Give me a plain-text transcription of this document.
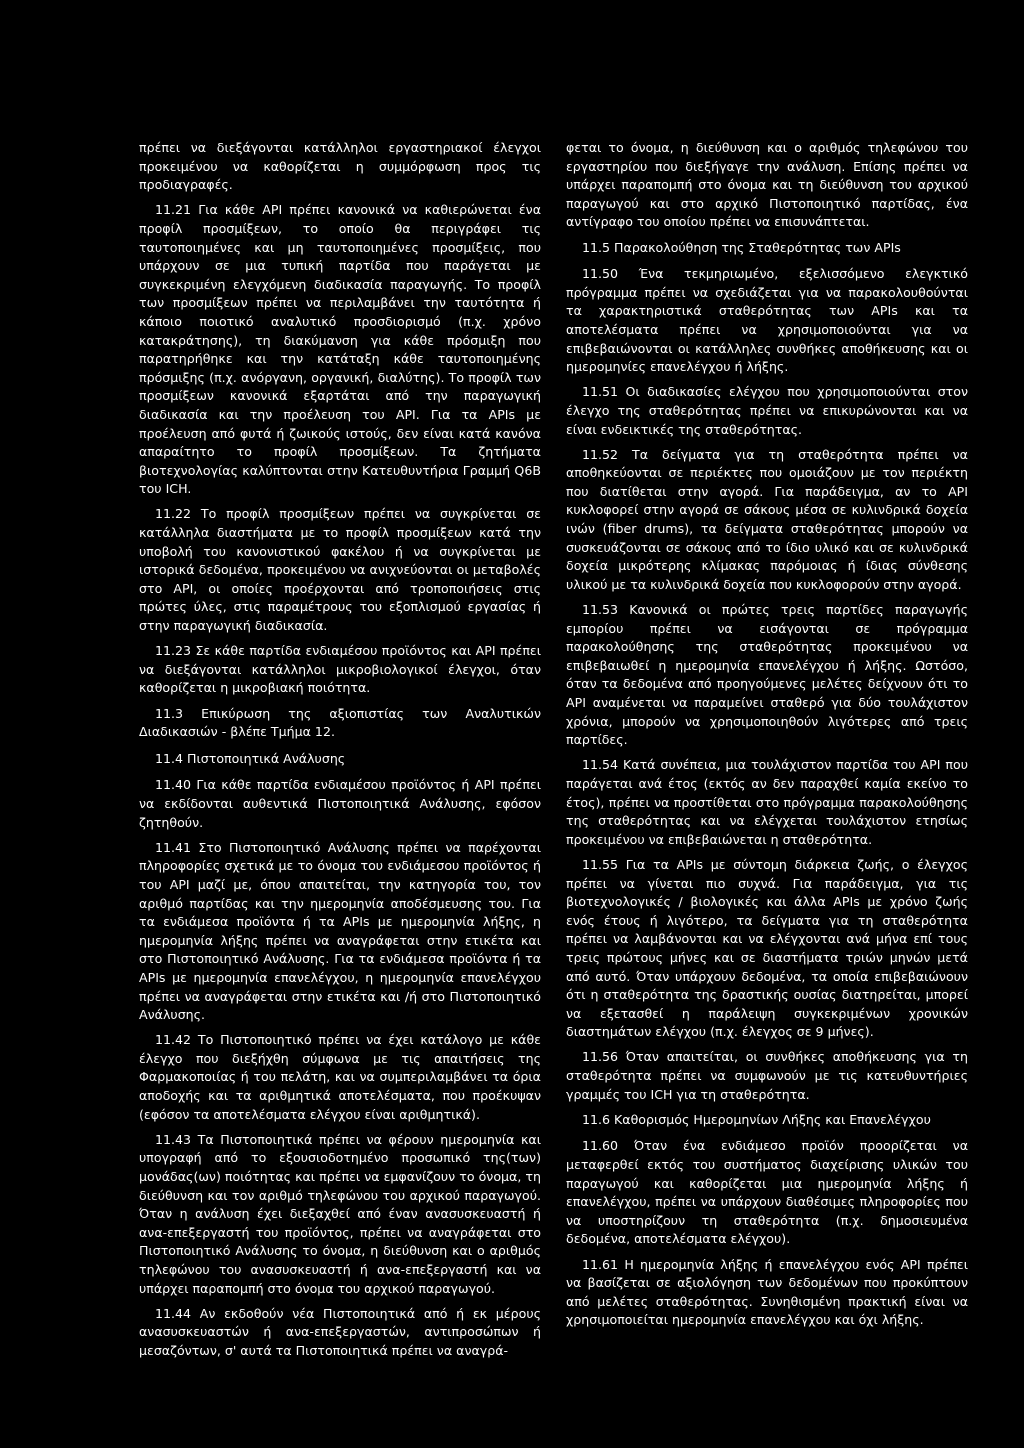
πρέπει να διεξάγονται κατάλληλοι εργαστηριακοί έλεγχοι προκειμένου να καθορίζεται η συμμόρφωση προς τις προδιαγραφές.

11.21 Για κάθε API πρέπει κανονικά να καθιερώνεται ένα προφίλ προσμίξεων, το οποίο θα περιγράφει τις ταυτοποιημένες και μη ταυτοποιημένες προσμίξεις, που υπάρχουν σε μια τυπική παρτίδα που παράγεται με συγκεκριμένη ελεγχόμενη διαδικασία παραγωγής. Το προφίλ των προσμίξεων πρέπει να περιλαμβάνει την ταυτότητα ή κάποιο ποιοτικό αναλυτικό προσδιορισμό (π.χ. χρόνο κατακράτησης), τη διακύμανση για κάθε πρόσμιξη που παρατηρήθηκε και την κατάταξη κάθε ταυτοποιημένης πρόσμιξης (π.χ. ανόργανη, οργανική, διαλύτης). Το προφίλ των προσμίξεων κανονικά εξαρτάται από την παραγωγική διαδικασία και την προέλευση του API. Για τα APIs με προέλευση από φυτά ή ζωικούς ιστούς, δεν είναι κατά κανόνα απαραίτητο το προφίλ προσμίξεων. Τα ζητήματα βιοτεχνολογίας καλύπτονται στην Κατευθυντήρια Γραμμή Q6B του ICH.

11.22 Το προφίλ προσμίξεων πρέπει να συγκρίνεται σε κατάλληλα διαστήματα με το προφίλ προσμίξεων κατά την υποβολή του κανονιστικού φακέλου ή να συγκρίνεται με ιστορικά δεδομένα, προκειμένου να ανιχνεύονται οι μεταβολές στο API, οι οποίες προέρχονται από τροποποιήσεις στις πρώτες ύλες, στις παραμέτρους του εξοπλισμού εργασίας ή στην παραγωγική διαδικασία.

11.23 Σε κάθε παρτίδα ενδιαμέσου προϊόντος και API πρέπει να διεξάγονται κατάλληλοι μικροβιολογικοί έλεγχοι, όταν καθορίζεται η μικροβιακή ποιότητα.

11.3 Επικύρωση της αξιοπιστίας των Αναλυτικών Διαδικασιών - βλέπε Τμήμα 12.

11.4 Πιστοποιητικά Ανάλυσης

11.40 Για κάθε παρτίδα ενδιαμέσου προϊόντος ή API πρέπει να εκδίδονται αυθεντικά Πιστοποιητικά Ανάλυσης, εφόσον ζητηθούν.

11.41 Στο Πιστοποιητικό Ανάλυσης πρέπει να παρέχονται πληροφορίες σχετικά με το όνομα του ενδιάμεσου προϊόντος ή του API μαζί με, όπου απαιτείται, την κατηγορία του, τον αριθμό παρτίδας και την ημερομηνία αποδέσμευσης του. Για τα ενδιάμεσα προϊόντα ή τα APIs με ημερομηνία λήξης, η ημερομηνία λήξης πρέπει να αναγράφεται στην ετικέτα και στο Πιστοποιητικό Ανάλυσης. Για τα ενδιάμεσα προϊόντα ή τα APIs με ημερομηνία επανελέγχου, η ημερομηνία επανελέγχου πρέπει να αναγράφεται στην ετικέτα και /ή στο Πιστοποιητικό Ανάλυσης.

11.42 Το Πιστοποιητικό πρέπει να έχει κατάλογο με κάθε έλεγχο που διεξήχθη σύμφωνα με τις απαιτήσεις της Φαρμακοποιίας ή του πελάτη, και να συμπεριλαμβάνει τα όρια αποδοχής και τα αριθμητικά αποτελέσματα, που προέκυψαν (εφόσον τα αποτελέσματα ελέγχου είναι αριθμητικά).

11.43 Τα Πιστοποιητικά πρέπει να φέρουν ημερομηνία και υπογραφή από το εξουσιοδοτημένο προσωπικό της(των) μονάδας(ων) ποιότητας και πρέπει να εμφανίζουν το όνομα, τη διεύθυνση και τον αριθμό τηλεφώνου του αρχικού παραγωγού. Όταν η ανάλυση έχει διεξαχθεί από έναν ανασυσκευαστή ή ανα-επεξεργαστή του προϊόντος, πρέπει να αναγράφεται στο Πιστοποιητικό Ανάλυσης το όνομα, η διεύθυνση και ο αριθμός τηλεφώνου του ανασυσκευαστή ή ανα-επεξεργαστή και να υπάρχει παραπομπή στο όνομα του αρχικού παραγωγού.

11.44 Αν εκδοθούν νέα Πιστοποιητικά από ή εκ μέρους ανασυσκευαστών ή ανα-επεξεργαστών, αντιπροσώπων ή μεσαζόντων, σ' αυτά τα Πιστοποιητικά πρέπει να αναγρά-

φεται το όνομα, η διεύθυνση και ο αριθμός τηλεφώνου του εργαστηρίου που διεξήγαγε την ανάλυση. Επίσης πρέπει να υπάρχει παραπομπή στο όνομα και τη διεύθυνση του αρχικού παραγωγού και στο αρχικό Πιστοποιητικό παρτίδας, ένα αντίγραφο του οποίου πρέπει να επισυνάπτεται.

11.5 Παρακολούθηση της Σταθερότητας των APIs

11.50 Ένα τεκμηριωμένο, εξελισσόμενο ελεγκτικό πρόγραμμα πρέπει να σχεδιάζεται για να παρακολουθούνται τα χαρακτηριστικά σταθερότητας των APIs και τα αποτελέσματα πρέπει να χρησιμοποιούνται για να επιβεβαιώνονται οι κατάλληλες συνθήκες αποθήκευσης και οι ημερομηνίες επανελέγχου ή λήξης.

11.51 Οι διαδικασίες ελέγχου που χρησιμοποιούνται στον έλεγχο της σταθερότητας πρέπει να επικυρώνονται και να είναι ενδεικτικές της σταθερότητας.

11.52 Τα δείγματα για τη σταθερότητα πρέπει να αποθηκεύονται σε περιέκτες που ομοιάζουν με τον περιέκτη που διατίθεται στην αγορά. Για παράδειγμα, αν το API κυκλοφορεί στην αγορά σε σάκους μέσα σε κυλινδρικά δοχεία ινών (fiber drums), τα δείγματα σταθερότητας μπορούν να συσκευάζονται σε σάκους από το ίδιο υλικό και σε κυλινδρικά δοχεία μικρότερης κλίμακας παρόμοιας ή ίδιας σύνθεσης υλικού με τα κυλινδρικά δοχεία που κυκλοφορούν στην αγορά.

11.53 Κανονικά οι πρώτες τρεις παρτίδες παραγωγής εμπορίου πρέπει να εισάγονται σε πρόγραμμα παρακολούθησης της σταθερότητας προκειμένου να επιβεβαιωθεί η ημερομηνία επανελέγχου ή λήξης. Ωστόσο, όταν τα δεδομένα από προηγούμενες μελέτες δείχνουν ότι το API αναμένεται να παραμείνει σταθερό για δύο τουλάχιστον χρόνια, μπορούν να χρησιμοποιηθούν λιγότερες από τρεις παρτίδες.

11.54 Κατά συνέπεια, μια τουλάχιστον παρτίδα του API που παράγεται ανά έτος (εκτός αν δεν παραχθεί καμία εκείνο το έτος), πρέπει να προστίθεται στο πρόγραμμα παρακολούθησης της σταθερότητας και να ελέγχεται τουλάχιστον ετησίως προκειμένου να επιβεβαιώνεται η σταθερότητα.

11.55 Για τα APIs με σύντομη διάρκεια ζωής, ο έλεγχος πρέπει να γίνεται πιο συχνά. Για παράδειγμα, για τις βιοτεχνολογικές / βιολογικές και άλλα APIs με χρόνο ζωής ενός έτους ή λιγότερο, τα δείγματα για τη σταθερότητα πρέπει να λαμβάνονται και να ελέγχονται ανά μήνα επί τους τρεις πρώτους μήνες και σε διαστήματα τριών μηνών μετά από αυτό. Όταν υπάρχουν δεδομένα, τα οποία επιβεβαιώνουν ότι η σταθερότητα της δραστικής ουσίας διατηρείται, μπορεί να εξετασθεί η παράλειψη συγκεκριμένων χρονικών διαστημάτων ελέγχου (π.χ. έλεγχος σε 9 μήνες).

11.56 Όταν απαιτείται, οι συνθήκες αποθήκευσης για τη σταθερότητα πρέπει να συμφωνούν με τις κατευθυντήριες γραμμές του ICH για τη σταθερότητα.

11.6 Καθορισμός Ημερομηνίων Λήξης και Επανελέγχου

11.60 Όταν ένα ενδιάμεσο προϊόν προορίζεται να μεταφερθεί εκτός του συστήματος διαχείρισης υλικών του παραγωγού και καθορίζεται μια ημερομηνία λήξης ή επανελέγχου, πρέπει να υπάρχουν διαθέσιμες πληροφορίες που να υποστηρίζουν τη σταθερότητα (π.χ. δημοσιευμένα δεδομένα, αποτελέσματα ελέγχου).

11.61 Η ημερομηνία λήξης ή επανελέγχου ενός API πρέπει να βασίζεται σε αξιολόγηση των δεδομένων που προκύπτουν από μελέτες σταθερότητας. Συνηθισμένη πρακτική είναι να χρησιμοποιείται ημερομηνία επανελέγχου και όχι λήξης.
